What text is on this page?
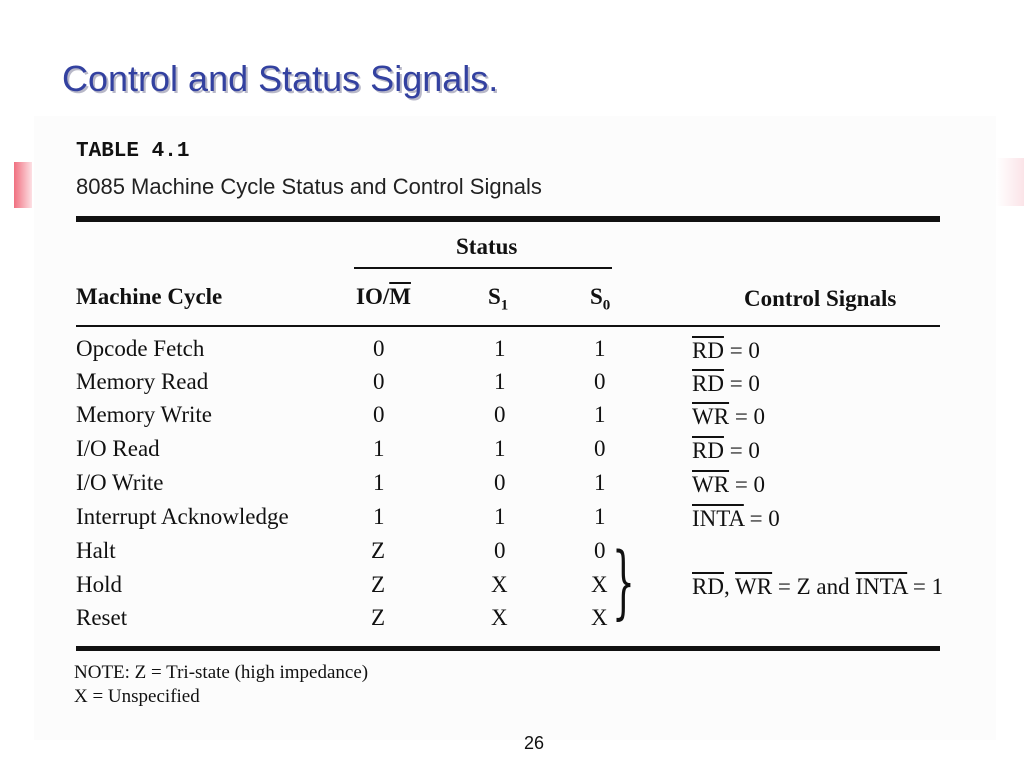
Control and Status Signals.
TABLE 4.1
8085 Machine Cycle Status and Control Signals
Status
Machine Cycle	$IO/\overline{M}$	$S_1$	$S_0$	Control Signals
Opcode Fetch	0	1	1	$\overline{RD} = 0$
Memory Read	0	1	0	$\overline{RD} = 0$
Memory Write	0	0	1	$\overline{WR} = 0$
I/O Read	1	1	0	$\overline{RD} = 0$
I/O Write	1	0	1	$\overline{WR} = 0$
Interrupt Acknowledge	1	1	1	INTA = 0
Halt	Z	0	0
Hold	Z	X	X
Reset	Z	X	X } $\overline{RD}$, $\overline{WR} = Z$ and INTA = 1
NOTE: Z = Tri-state (high impedance)
X = Unspecified
26
